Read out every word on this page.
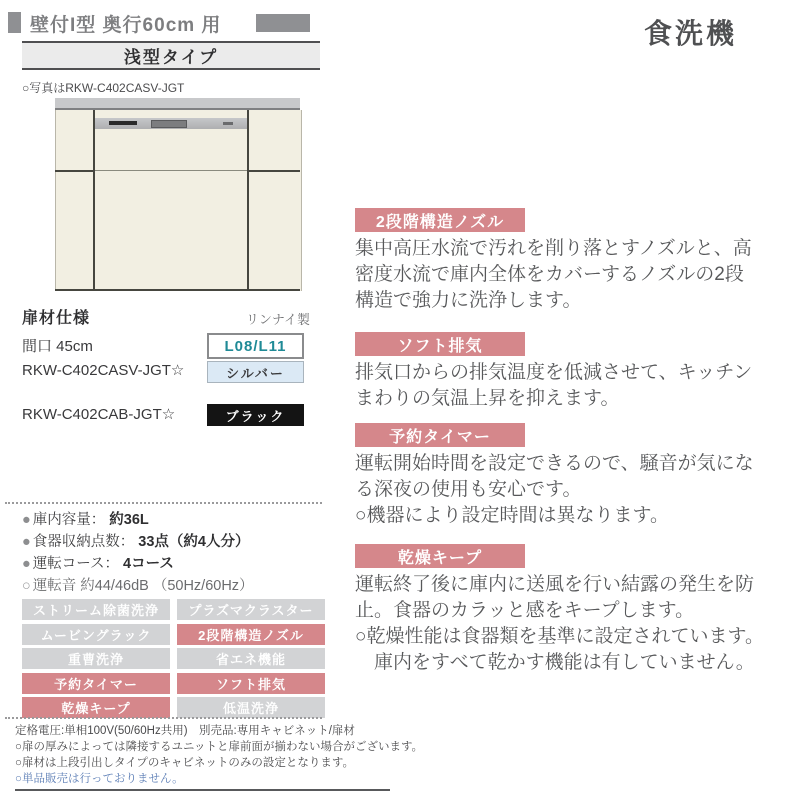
壁付I型 奥行60cm 用	食洗機
浅型タイプ
○写真はRKW-C402CASV-JGT
扉材仕様	リンナイ製
間口 45cm	L08/L11
RKW-C402CASV-JGT☆	シルバー
RKW-C402CAB-JGT☆	ブラック
● 庫内容量： 約36L
● 食器収納点数： 33点（約4人分）
● 運転コース： 4コース
○ 運転音 約44/46dB （50Hz/60Hz）
ストリーム除菌洗浄	プラズマクラスター
ムービングラック	2段階構造ノズル
重曹洗浄	省エネ機能
予約タイマー	ソフト排気
乾燥キープ	低温洗浄
定格電圧:単相100V(50/60Hz共用)　別売品:専用キャビネット/扉材
○扉の厚みによっては隣接するユニットと扉前面が揃わない場合がございます。
○扉材は上段引出しタイプのキャビネットのみの設定となります。
○単品販売は行っておりません。
2段階構造ノズル
集中高圧水流で汚れを削り落とすノズルと、高
密度水流で庫内全体をカバーするノズルの2段
構造で強力に洗浄します。
ソフト排気
排気口からの排気温度を低減させて、キッチン
まわりの気温上昇を抑えます。
予約タイマー
運転開始時間を設定できるので、騒音が気にな
る深夜の使用も安心です。
○機器により設定時間は異なります。
乾燥キープ
運転終了後に庫内に送風を行い結露の発生を防
止。食器のカラッと感をキープします。
○乾燥性能は食器類を基準に設定されています。
　庫内をすべて乾かす機能は有していません。
